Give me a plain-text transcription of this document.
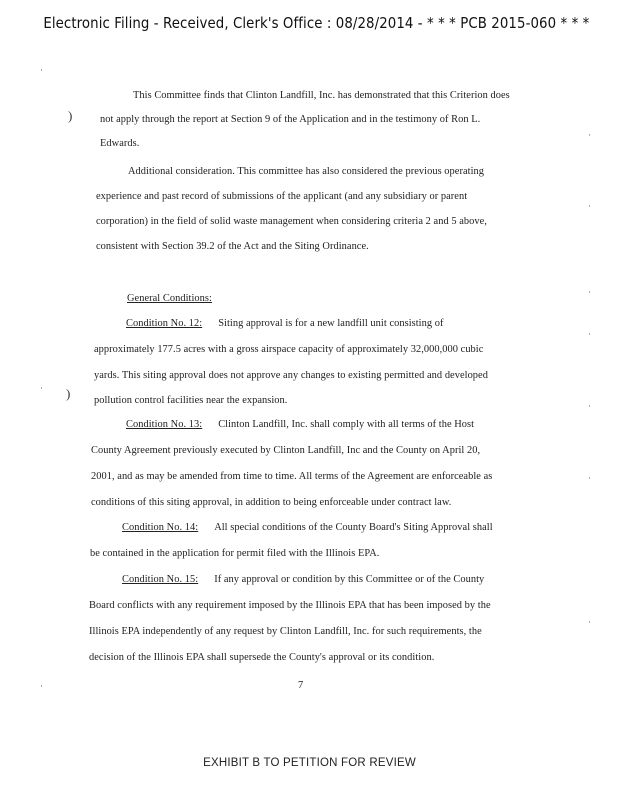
Electronic Filing - Received, Clerk's Office : 08/28/2014 - * * * PCB 2015-060 * * *
·
)
·
·
·
·
)
·
·
·
·
·
This Committee finds that Clinton Landfill, Inc. has demonstrated that this Criterion does
not apply through the report at Section 9 of the Application and in the testimony of Ron L.
Edwards.
Additional consideration. This committee has also considered the previous operating
experience and past record of submissions of the applicant (and any subsidiary or parent
corporation) in the field of solid waste management when considering criteria 2 and 5 above,
consistent with Section 39.2 of the Act and the Siting Ordinance.
General Conditions:
Condition No. 12: Siting approval is for a new landfill unit consisting of
approximately 177.5 acres with a gross airspace capacity of approximately 32,000,000 cubic
yards. This siting approval does not approve any changes to existing permitted and developed
pollution control facilities near the expansion.
Condition No. 13: Clinton Landfill, Inc. shall comply with all terms of the Host
County Agreement previously executed by Clinton Landfill, Inc and the County on April 20,
2001, and as may be amended from time to time. All terms of the Agreement are enforceable as
conditions of this siting approval, in addition to being enforceable under contract law.
Condition No. 14: All special conditions of the County Board's Siting Approval shall
be contained in the application for permit filed with the Illinois EPA.
Condition No. 15: If any approval or condition by this Committee or of the County
Board conflicts with any requirement imposed by the Illinois EPA that has been imposed by the
Illinois EPA independently of any request by Clinton Landfill, Inc. for such requirements, the
decision of the Illinois EPA shall supersede the County's approval or its condition.
7
EXHIBIT B TO PETITION FOR REVIEW
